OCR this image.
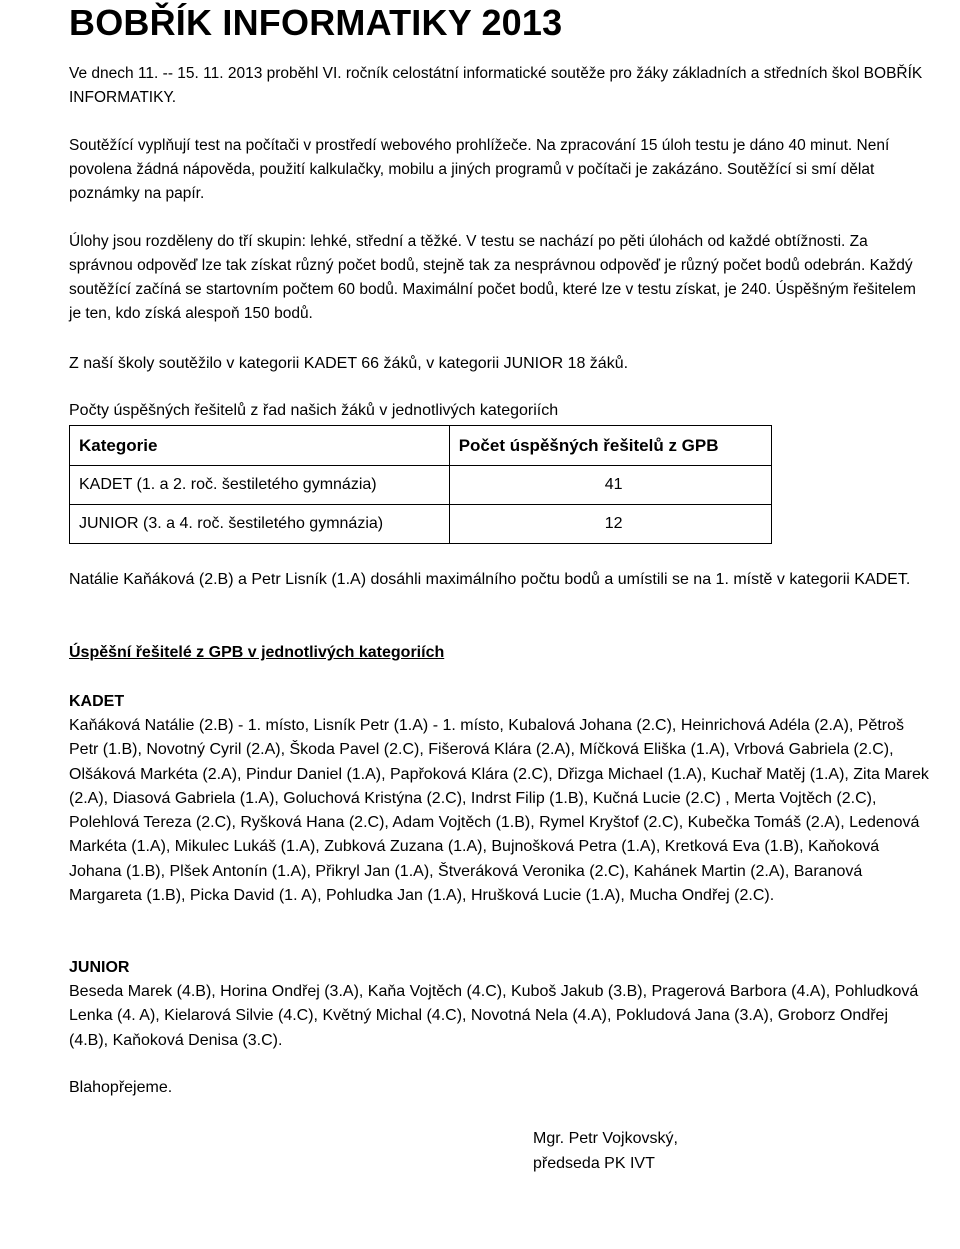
BOBŘÍK INFORMATIKY 2013

Ve dnech 11. -- 15. 11. 2013 proběhl VI. ročník celostátní informatické soutěže pro žáky základních a středních škol BOBŘÍK INFORMATIKY.

Soutěžící vyplňují test na počítači v prostředí webového prohlížeče. Na zpracování 15 úloh testu je dáno 40 minut. Není povolena žádná nápověda, použití kalkulačky, mobilu a jiných programů v počítači je zakázáno. Soutěžící si smí dělat poznámky na papír.

Úlohy jsou rozděleny do tří skupin: lehké, střední a těžké. V testu se nachází po pěti úlohách od každé obtížnosti. Za správnou odpověď lze tak získat různý počet bodů, stejně tak za nesprávnou odpověď je různý počet bodů odebrán. Každý soutěžící začíná se startovním počtem 60 bodů. Maximální počet bodů, které lze v testu získat, je 240. Úspěšným řešitelem je ten, kdo získá alespoň 150 bodů.

Z naší školy soutěžilo v kategorii KADET 66 žáků, v kategorii JUNIOR 18 žáků.

Počty úspěšných řešitelů z řad našich žáků v jednotlivých kategoriích

Kategorie	Počet úspěšných řešitelů z GPB
KADET (1. a 2. roč. šestiletého gymnázia)	41
JUNIOR (3. a 4. roč. šestiletého gymnázia)	12

Natálie Kaňáková (2.B) a Petr Lisník (1.A) dosáhli maximálního počtu bodů a umístili se na 1. místě v kategorii KADET.

Úspěšní řešitelé z GPB v jednotlivých kategoriích

KADET

Kaňáková Natálie (2.B) - 1. místo, Lisník Petr (1.A) - 1. místo, Kubalová Johana (2.C), Heinrichová Adéla (2.A), Pětroš Petr (1.B), Novotný Cyril (2.A), Škoda Pavel (2.C), Fišerová Klára (2.A), Míčková Eliška (1.A), Vrbová Gabriela (2.C), Olšáková Markéta (2.A), Pindur Daniel (1.A), Papřoková Klára (2.C), Dřizga Michael (1.A), Kuchař Matěj (1.A), Zita Marek (2.A), Diasová Gabriela (1.A), Goluchová Kristýna (2.C), Indrst Filip (1.B), Kučná Lucie (2.C) , Merta Vojtěch (2.C), Polehlová Tereza (2.C), Ryšková Hana (2.C), Adam Vojtěch (1.B), Rymel Kryštof (2.C), Kubečka Tomáš (2.A), Ledenová Markéta (1.A), Mikulec Lukáš (1.A), Zubková Zuzana (1.A), Bujnošková Petra (1.A), Kretková Eva (1.B), Kaňoková Johana (1.B), Plšek Antonín (1.A), Přikryl Jan (1.A), Štveráková Veronika (2.C), Kahánek Martin (2.A), Baranová Margareta (1.B), Picka David (1. A), Pohludka Jan (1.A), Hrušková Lucie (1.A), Mucha Ondřej (2.C).

JUNIOR

Beseda Marek (4.B), Horina Ondřej (3.A), Kaňa Vojtěch (4.C), Kuboš Jakub (3.B), Pragerová Barbora (4.A), Pohludková Lenka (4. A), Kielarová Silvie (4.C), Květný Michal (4.C), Novotná Nela (4.A), Pokludová Jana (3.A), Groborz Ondřej (4.B), Kaňoková Denisa (3.C).

Blahopřejeme.

Mgr. Petr Vojkovský,
předseda PK IVT
